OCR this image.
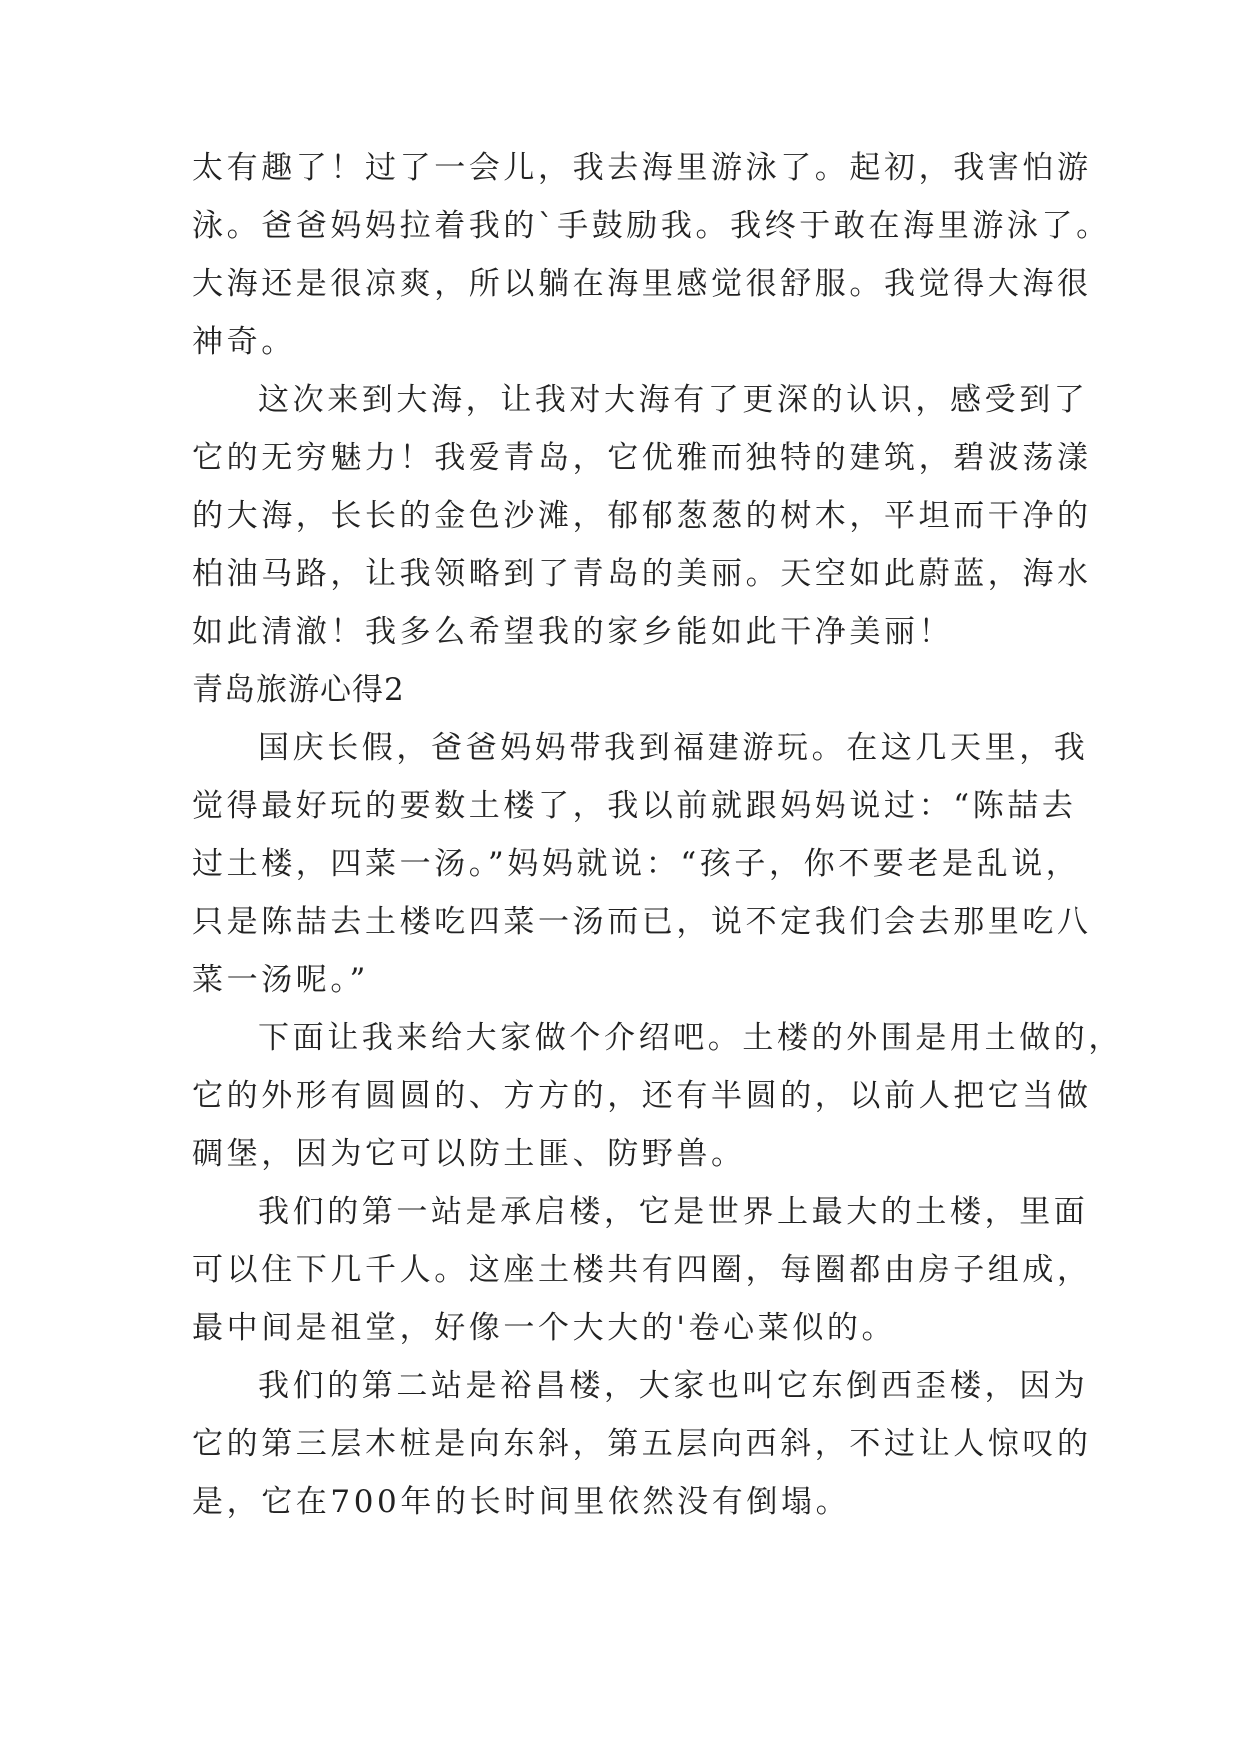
太有趣了！过了一会儿，我去海里游泳了。起初，我害怕游
泳。爸爸妈妈拉着我的`手鼓励我。我终于敢在海里游泳了。
大海还是很凉爽，所以躺在海里感觉很舒服。我觉得大海很
神奇。
这次来到大海，让我对大海有了更深的认识，感受到了
它的无穷魅力！我爱青岛，它优雅而独特的建筑，碧波荡漾
的大海，长长的金色沙滩，郁郁葱葱的树木，平坦而干净的
柏油马路，让我领略到了青岛的美丽。天空如此蔚蓝，海水
如此清澈！我多么希望我的家乡能如此干净美丽！
青岛旅游心得2
国庆长假，爸爸妈妈带我到福建游玩。在这几天里，我
觉得最好玩的要数土楼了，我以前就跟妈妈说过：“陈喆去
过土楼，四菜一汤。”妈妈就说：“孩子，你不要老是乱说，
只是陈喆去土楼吃四菜一汤而已，说不定我们会去那里吃八
菜一汤呢。”
下面让我来给大家做个介绍吧。土楼的外围是用土做的，
它的外形有圆圆的、方方的，还有半圆的，以前人把它当做
碉堡，因为它可以防土匪、防野兽。
我们的第一站是承启楼，它是世界上最大的土楼，里面
可以住下几千人。这座土楼共有四圈，每圈都由房子组成，
最中间是祖堂，好像一个大大的'卷心菜似的。
我们的第二站是裕昌楼，大家也叫它东倒西歪楼，因为
它的第三层木桩是向东斜，第五层向西斜，不过让人惊叹的
是，它在700年的长时间里依然没有倒塌。
